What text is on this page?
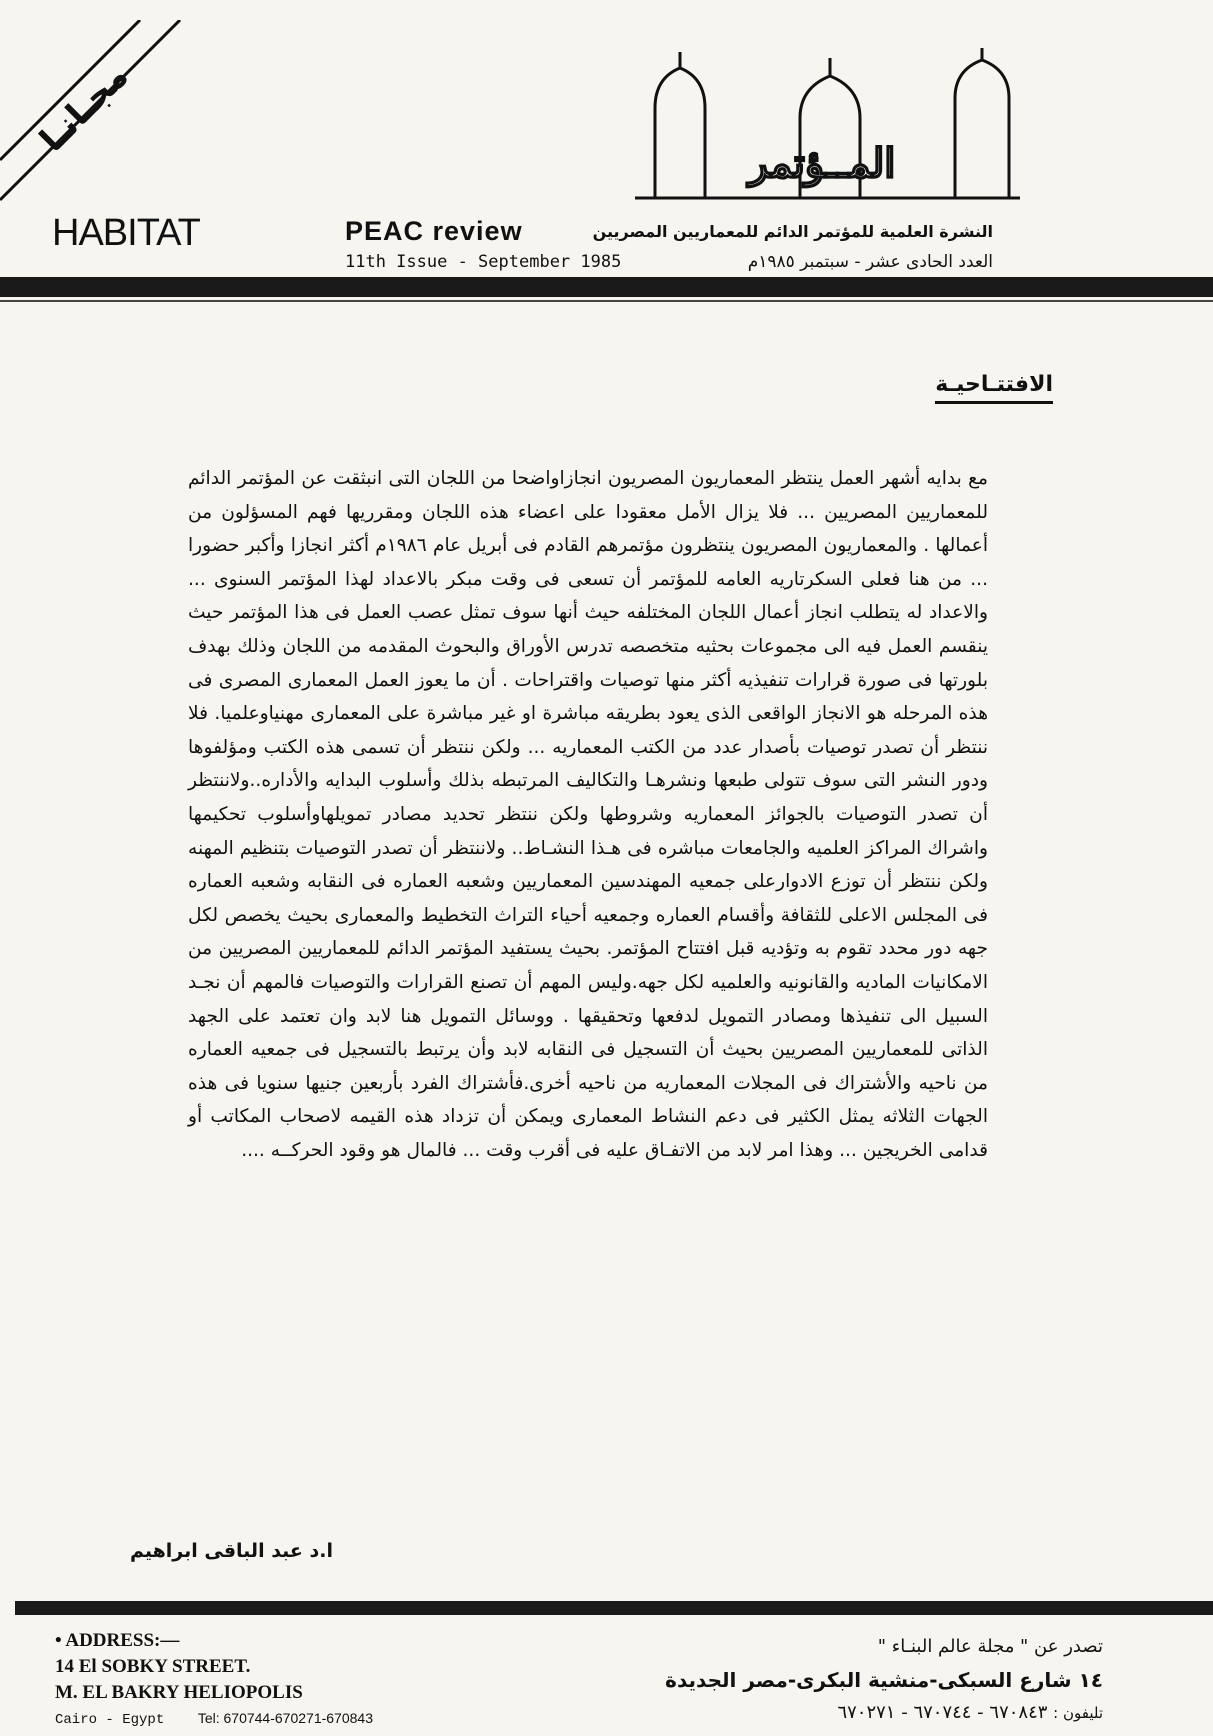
مجـانـا
HABITAT	PEAC review
11th Issue - September 1985
المــؤتمر
النشرة العلمية للمؤتمر الدائم للمعماريين المصريين
العدد الحادى عشر - سبتمبر ١٩٨٥م
الافتتـاحيـة

مع بدايه أشهر العمل ينتظر المعماريون المصريون انجازاواضحا من اللجان التى انبثقت عن المؤتمر الدائم للمعماريين المصريين ... فلا يزال الأمل معقودا على اعضاء هذه اللجان ومقرريها فهم المسؤلون من أعمالها . والمعماريون المصريون ينتظرون مؤتمرهم القادم فى أبريل عام ١٩٨٦م أكثر انجازا وأكبر حضورا ... من هنا فعلى السكرتاريه العامه للمؤتمر أن تسعى فى وقت مبكر بالاعداد لهذا المؤتمر السنوى ... والاعداد له يتطلب انجاز أعمال اللجان المختلفه حيث أنها سوف تمثل عصب العمل فى هذا المؤتمر حيث ينقسم العمل فيه الى مجموعات بحثيه متخصصه تدرس الأوراق والبحوث المقدمه من اللجان وذلك بهدف بلورتها فى صورة قرارات تنفيذيه أكثر منها توصيات واقتراحات . أن ما يعوز العمل المعمارى المصرى فى هذه المرحله هو الانجاز الواقعى الذى يعود بطريقه مباشرة او غير مباشرة على المعمارى مهنياوعلميا. فلا ننتظر أن تصدر توصيات بأصدار عدد من الكتب المعماريه ... ولكن ننتظر أن تسمى هذه الكتب ومؤلفوها ودور النشر التى سوف تتولى طبعها ونشرهـا والتكاليف المرتبطه بذلك وأسلوب البدايه والأداره..ولاننتظر أن تصدر التوصيات بالجوائز المعماريه وشروطها ولكن ننتظر تحديد مصادر تمويلهاوأسلوب تحكيمها واشراك المراكز العلميه والجامعات مباشره فى هـذا النشـاط.. ولاننتظر أن تصدر التوصيات بتنظيم المهنه ولكن ننتظر أن توزع الادوارعلى جمعيه المهندسين المعماريين وشعبه العماره فى النقابه وشعبه العماره فى المجلس الاعلى للثقافة وأقسام العماره وجمعيه أحياء التراث التخطيط والمعمارى بحيث يخصص لكل جهه دور محدد تقوم به وتؤديه قبل افتتاح المؤتمر. بحيث يستفيد المؤتمر الدائم للمعماريين المصريين من الامكانيات الماديه والقانونيه والعلميه لكل جهه.وليس المهم أن تصنع القرارات والتوصيات فالمهم أن نجـد السبيل الى تنفيذها ومصادر التمويل لدفعها وتحقيقها . ووسائل التمويل هنا لابد وان تعتمد على الجهد الذاتى للمعماريين المصريين بحيث أن التسجيل فى النقابه لابد وأن يرتبط بالتسجيل فى جمعيه العماره من ناحيه والأشتراك فى المجلات المعماريه من ناحيه أخرى.فأشتراك الفرد بأربعين جنيها سنويا فى هذه الجهات الثلاثه يمثل الكثير فى دعم النشاط المعمارى ويمكن أن تزداد هذه القيمه لاصحاب المكاتب أو قدامى الخريجين ... وهذا امر لابد من الاتفـاق عليه فى أقرب وقت ... فالمال هو وقود الحركــه ....

ا.د عبد الباقى ابراهيم
• ADDRESS:—
14 El SOBKY STREET.
M. EL BAKRY HELIOPOLIS
Cairo - Egypt Tel: 670744-670271-670843
تصدر عن " مجلة عالم البنـاء "
١٤ شارع السبكى-منشية البكرى-مصر الجديدة
تليفون : ٦٧٠٨٤٣ - ٦٧٠٧٤٤ - ٦٧٠٢٧١
